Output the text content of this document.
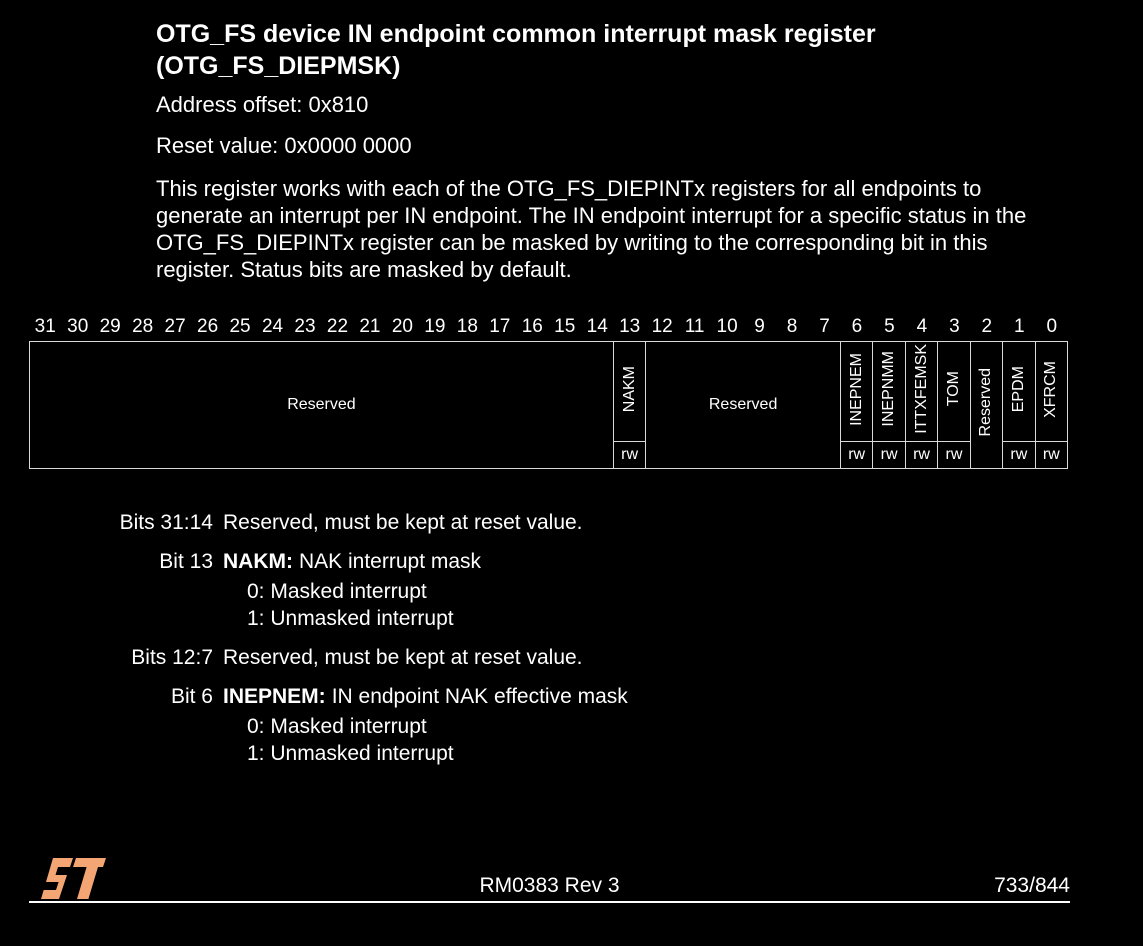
OTG_FS device IN endpoint common interrupt mask register
(OTG_FS_DIEPMSK)
Address offset: 0x810
Reset value: 0x0000 0000
This register works with each of the OTG_FS_DIEPINTx registers for all endpoints to generate an interrupt per IN endpoint. The IN endpoint interrupt for a specific status in the OTG_FS_DIEPINTx register can be masked by writing to the corresponding bit in this register. Status bits are masked by default.
31 30 29 28 27 26 25 24 23 22 21 20 19 18 17 16 15 14 13 12 11 10 9	8	7	6	5	4	3	2	1	0
Reserved	NAKM	Reserved	INEPNEM	INEPNMM	ITTXFEMSK	TOM	Reserved	EPDM	XFRCM
	rw		rw	rw	rw	rw		rw	rw
Bits 31:14 Reserved, must be kept at reset value.
Bit 13 NAKM: NAK interrupt mask
0: Masked interrupt
1: Unmasked interrupt
Bits 12:7 Reserved, must be kept at reset value.
Bit 6 INEPNEM: IN endpoint NAK effective mask
0: Masked interrupt
1: Unmasked interrupt
RM0383 Rev 3	733/844
